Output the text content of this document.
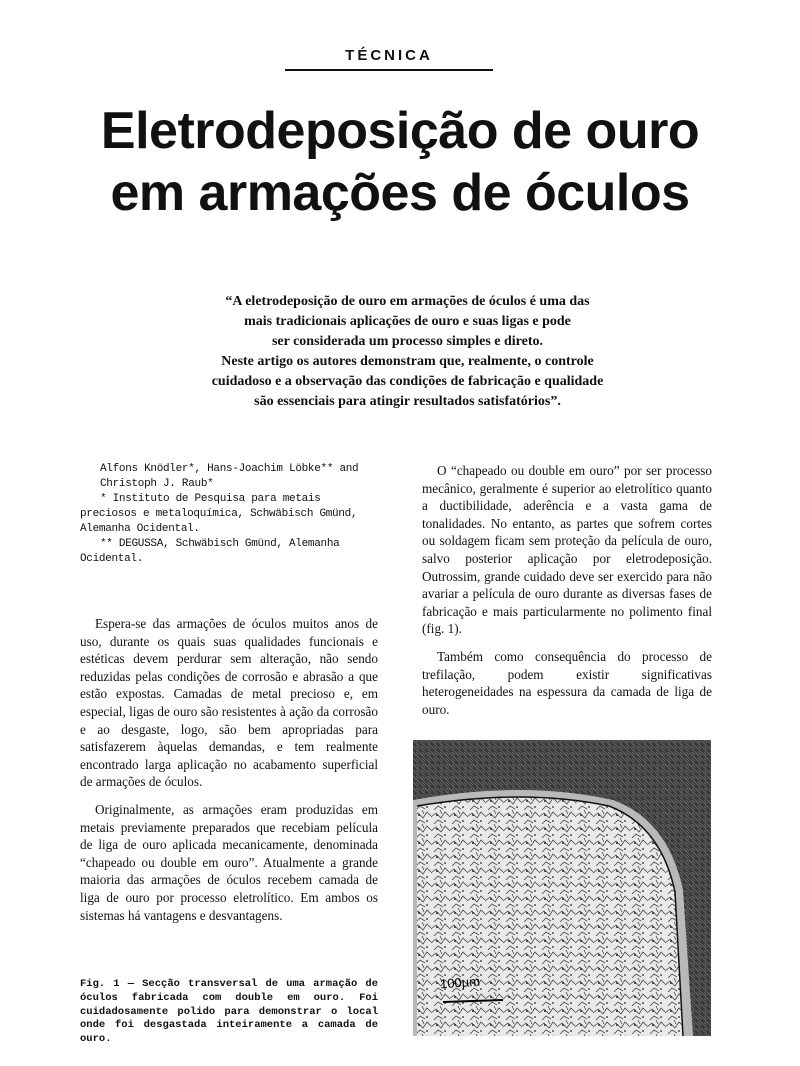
TÉCNICA
Eletrodeposição de ouro
em armações de óculos
“A eletrodeposição de ouro em armações de óculos é uma das
mais tradicionais aplicações de ouro e suas ligas e pode
ser considerada um processo simples e direto.
Neste artigo os autores demonstram que, realmente, o controle
cuidadoso e a observação das condições de fabricação e qualidade
são essenciais para atingir resultados satisfatórios”.

Alfons Knödler*, Hans-Joachim Löbke** and Christoph J. Raub*

* Instituto de Pesquisa para metais preciosos e metaloquímica, Schwäbisch Gmünd, Alemanha Ocidental.

** DEGUSSA, Schwäbisch Gmünd, Alemanha Ocidental.

Espera-se das armações de óculos muitos anos de uso, durante os quais suas qualidades funcionais e estéticas devem perdurar sem alteração, não sendo reduzidas pelas condições de corrosão e abrasão a que estão expostas. Camadas de metal precioso e, em especial, ligas de ouro são resistentes à ação da corrosão e ao desgaste, logo, são bem apropriadas para satisfazerem àquelas demandas, e tem realmente encontrado larga aplicação no acabamento superficial de armações de óculos.

Originalmente, as armações eram produzidas em metais previamente preparados que recebiam película de liga de ouro aplicada mecanicamente, denominada “chapeado ou double em ouro”. Atualmente a grande maioria das armações de óculos recebem camada de liga de ouro por processo eletrolítico. Em ambos os sistemas há vantagens e desvantagens.

O “chapeado ou double em ouro” por ser processo mecânico, geralmente é superior ao eletrolítico quanto a ductibilidade, aderência e a vasta gama de tonalidades. No entanto, as partes que sofrem cortes ou soldagem ficam sem proteção da película de ouro, salvo posterior aplicação por eletrodeposição. Outrossim, grande cuidado deve ser exercido para não avariar a película de ouro durante as diversas fases de fabricação e mais particularmente no polimento final (fig. 1).

Também como consequência do processo de trefilação, podem existir significativas heterogeneidades na espessura da camada de liga de ouro.

100µm
Fig. 1 — Secção transversal de uma armação de óculos fabricada com double em ouro. Foi cuidadosamente polido para demonstrar o local onde foi desgastada inteiramente a camada de ouro.
